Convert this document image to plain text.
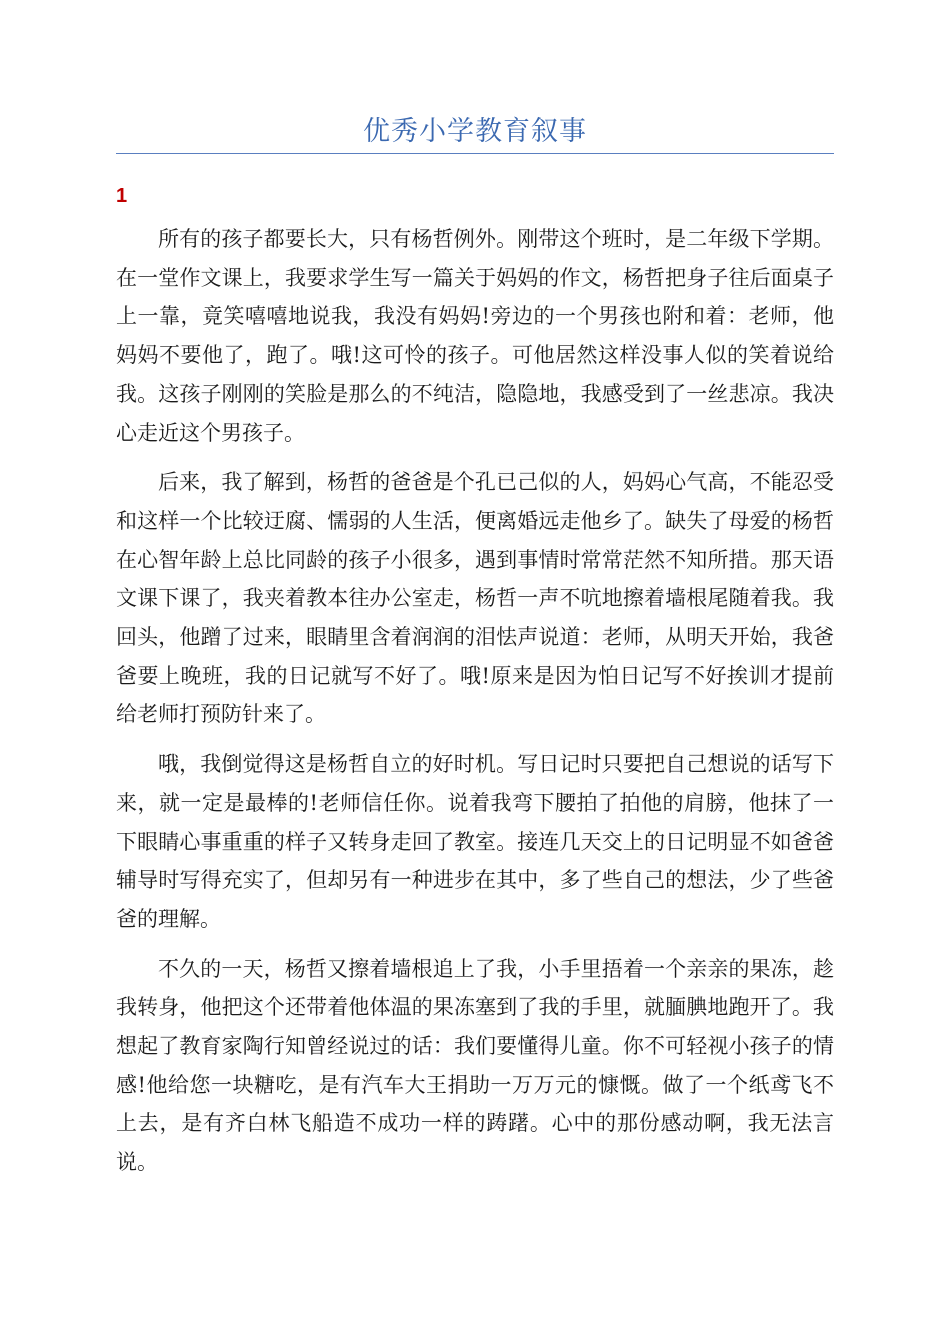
优秀小学教育叙事
1

所有的孩子都要长大，只有杨哲例外。刚带这个班时，是二年级下学期。在一堂作文课上，我要求学生写一篇关于妈妈的作文，杨哲把身子往后面桌子上一靠，竟笑嘻嘻地说我，我没有妈妈!旁边的一个男孩也附和着：老师，他妈妈不要他了，跑了。哦!这可怜的孩子。可他居然这样没事人似的笑着说给我。这孩子刚刚的笑脸是那么的不纯洁，隐隐地，我感受到了一丝悲凉。我决心走近这个男孩子。

后来，我了解到，杨哲的爸爸是个孔已己似的人，妈妈心气高，不能忍受和这样一个比较迂腐、懦弱的人生活，便离婚远走他乡了。缺失了母爱的杨哲在心智年龄上总比同龄的孩子小很多，遇到事情时常常茫然不知所措。那天语文课下课了，我夹着教本往办公室走，杨哲一声不吭地擦着墙根尾随着我。我回头，他蹭了过来，眼睛里含着润润的泪怯声说道：老师，从明天开始，我爸爸要上晚班，我的日记就写不好了。哦!原来是因为怕日记写不好挨训才提前给老师打预防针来了。

哦，我倒觉得这是杨哲自立的好时机。写日记时只要把自己想说的话写下来，就一定是最棒的!老师信任你。说着我弯下腰拍了拍他的肩膀，他抹了一下眼睛心事重重的样子又转身走回了教室。接连几天交上的日记明显不如爸爸辅导时写得充实了，但却另有一种进步在其中，多了些自己的想法，少了些爸爸的理解。

不久的一天，杨哲又擦着墙根追上了我，小手里捂着一个亲亲的果冻，趁我转身，他把这个还带着他体温的果冻塞到了我的手里，就腼腆地跑开了。我想起了教育家陶行知曾经说过的话：我们要懂得儿童。你不可轻视小孩子的情感!他给您一块糖吃，是有汽车大王捐助一万万元的慷慨。做了一个纸鸢飞不上去，是有齐白林飞船造不成功一样的踌躇。心中的那份感动啊，我无法言说。
